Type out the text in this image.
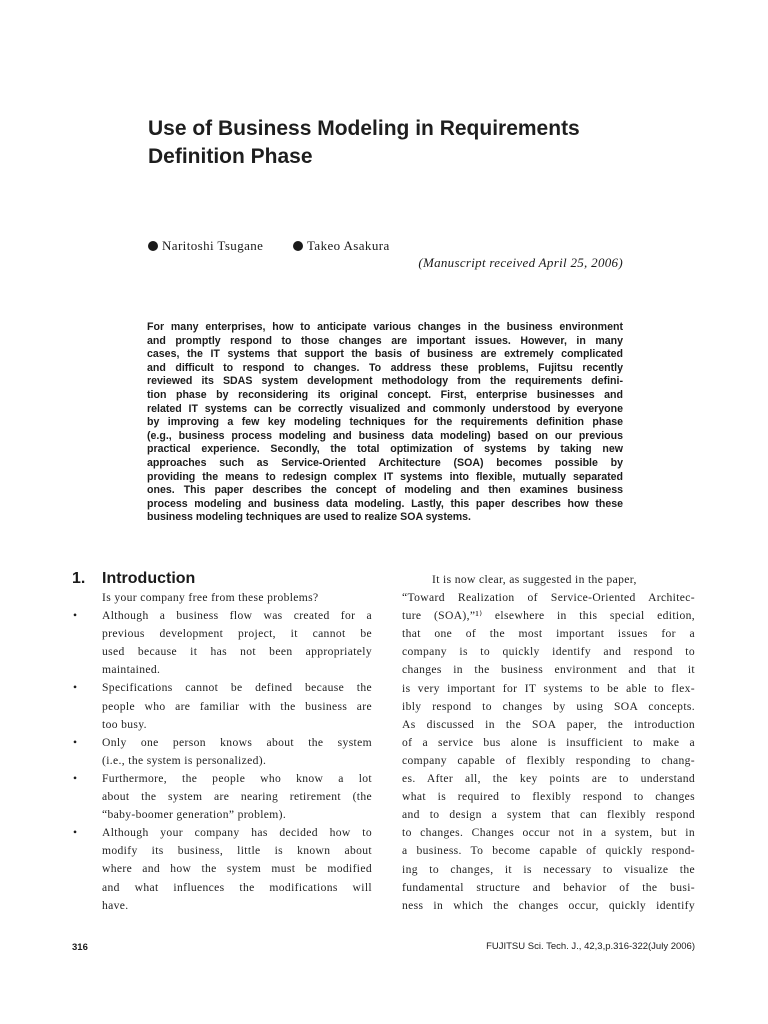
Use of Business Modeling in Requirements
Definition Phase
Naritoshi Tsugane
	Takeo Asakura
(Manuscript received April 25, 2006)
For many enterprises, how to anticipate various changes in the business environment
and promptly respond to those changes are important issues. However, in many
cases, the IT systems that support the basis of business are extremely complicated
and difficult to respond to changes. To address these problems, Fujitsu recently
reviewed its SDAS system development methodology from the requirements defini-
tion phase by reconsidering its original concept. First, enterprise businesses and
related IT systems can be correctly visualized and commonly understood by everyone
by improving a few key modeling techniques for the requirements definition phase
(e.g., business process modeling and business data modeling) based on our previous
practical experience. Secondly, the total optimization of systems by taking new
approaches such as Service-Oriented Architecture (SOA) becomes possible by
providing the means to redesign complex IT systems into flexible, mutually separated
ones. This paper describes the concept of modeling and then examines business
process modeling and business data modeling. Lastly, this paper describes how these
business modeling techniques are used to realize SOA systems.
1. Introduction
Is your company free from these problems?
• Although a business flow was created for a
previous development project, it cannot be
used because it has not been appropriately
maintained.
• Specifications cannot be defined because the
people who are familiar with the business are
too busy.
• Only one person knows about the system
(i.e., the system is personalized).
• Furthermore, the people who know a lot
about the system are nearing retirement (the
“baby-boomer generation” problem).
• Although your company has decided how to
modify its business, little is known about
where and how the system must be modified
and what influences the modifications will
have.
It is now clear, as suggested in the paper,
“Toward Realization of Service-Oriented Architec-
ture (SOA),”¹⁾ elsewhere in this special edition,
that one of the most important issues for a
company is to quickly identify and respond to
changes in the business environment and that it
is very important for IT systems to be able to flex-
ibly respond to changes by using SOA concepts.
As discussed in the SOA paper, the introduction
of a service bus alone is insufficient to make a
company capable of flexibly responding to chang-
es. After all, the key points are to understand
what is required to flexibly respond to changes
and to design a system that can flexibly respond
to changes. Changes occur not in a system, but in
a business. To become capable of quickly respond-
ing to changes, it is necessary to visualize the
fundamental structure and behavior of the busi-
ness in which the changes occur, quickly identify
316	FUJITSU Sci. Tech. J., 42,3,p.316-322(July 2006)
